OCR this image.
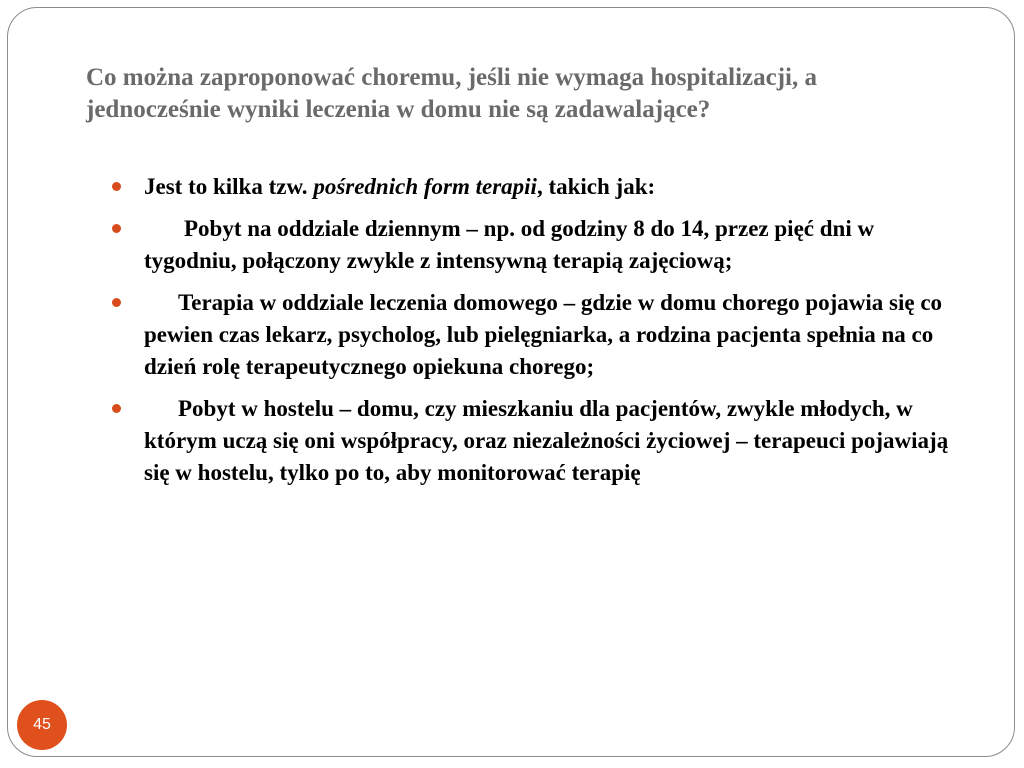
Co można zaproponować choremu, jeśli nie wymaga hospitalizacji, a jednocześnie wyniki leczenia w domu nie są zadawalające?
Jest to kilka tzw. pośrednich form terapii, takich jak:
Pobyt na oddziale dziennym – np. od godziny 8 do 14, przez pięć dni w tygodniu, połączony zwykle z intensywną terapią zajęciową;
Terapia w oddziale leczenia domowego – gdzie w domu chorego pojawia się co pewien czas lekarz, psycholog, lub pielęgniarka, a rodzina pacjenta spełnia na co dzień rolę terapeutycznego opiekuna chorego;
Pobyt w hostelu – domu, czy mieszkaniu dla pacjentów, zwykle młodych, w którym uczą się oni współpracy, oraz niezależności życiowej – terapeuci pojawiają się w hostelu, tylko po to, aby monitorować terapię
45
